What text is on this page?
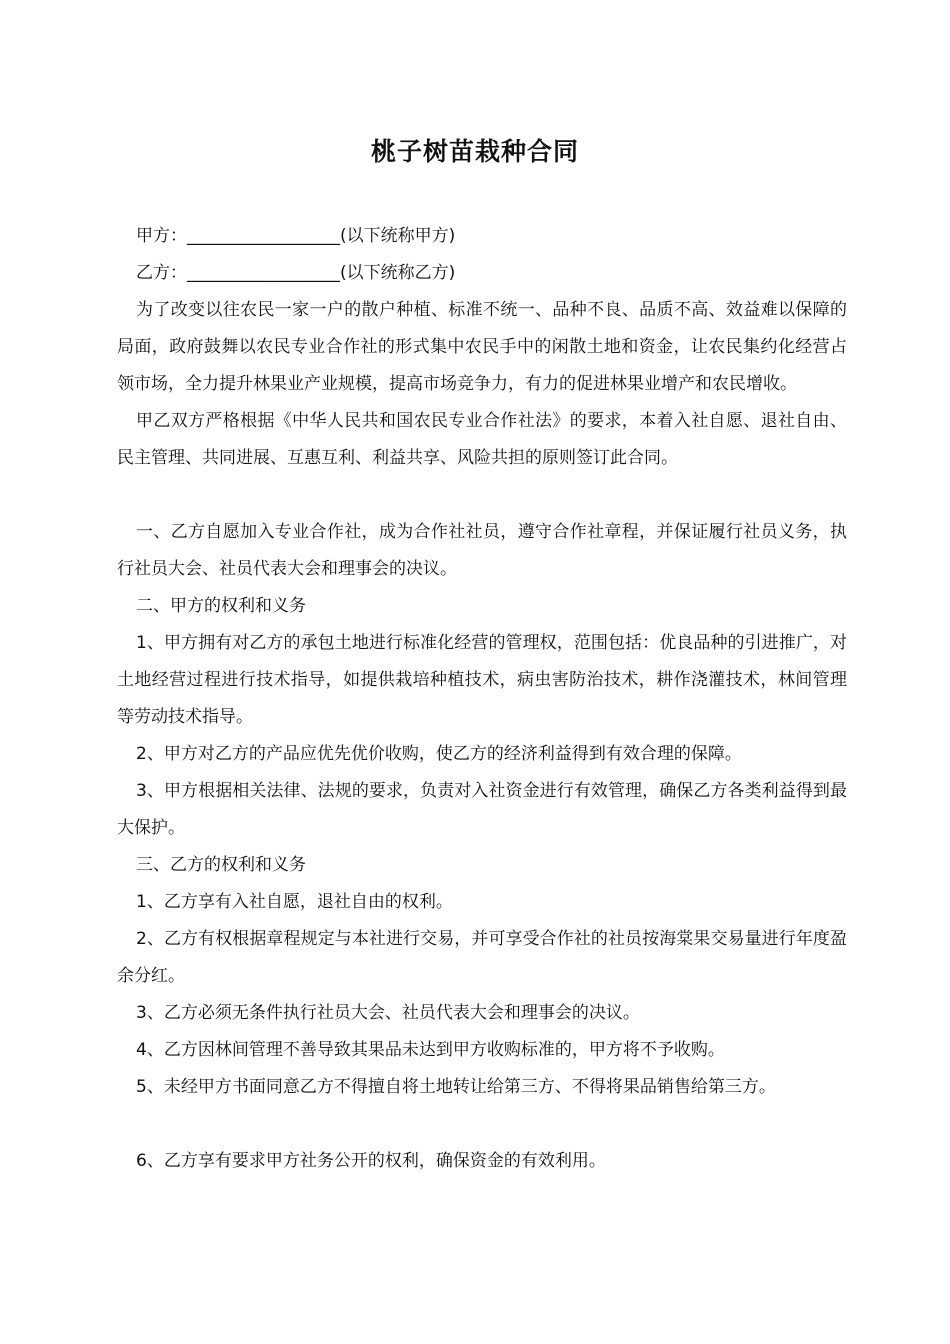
桃子树苗栽种合同

甲方：__________________(以下统称甲方)

乙方：__________________(以下统称乙方)

为了改变以往农民一家一户的散户种植、标准不统一、品种不良、品质不高、效益难以保障的局面，政府鼓舞以农民专业合作社的形式集中农民手中的闲散土地和资金，让农民集约化经营占领市场，全力提升林果业产业规模，提高市场竞争力，有力的促进林果业增产和农民增收。

甲乙双方严格根据《中华人民共和国农民专业合作社法》的要求，本着入社自愿、退社自由、民主管理、共同进展、互惠互利、利益共享、风险共担的原则签订此合同。

一、乙方自愿加入专业合作社，成为合作社社员，遵守合作社章程，并保证履行社员义务，执行社员大会、社员代表大会和理事会的决议。

二、甲方的权利和义务

1、甲方拥有对乙方的承包土地进行标准化经营的管理权，范围包括：优良品种的引进推广，对土地经营过程进行技术指导，如提供栽培种植技术，病虫害防治技术，耕作浇灌技术，林间管理等劳动技术指导。

2、甲方对乙方的产品应优先优价收购，使乙方的经济利益得到有效合理的保障。

3、甲方根据相关法律、法规的要求，负责对入社资金进行有效管理，确保乙方各类利益得到最大保护。

三、乙方的权利和义务

1、乙方享有入社自愿，退社自由的权利。

2、乙方有权根据章程规定与本社进行交易，并可享受合作社的社员按海棠果交易量进行年度盈余分红。

3、乙方必须无条件执行社员大会、社员代表大会和理事会的决议。

4、乙方因林间管理不善导致其果品未达到甲方收购标准的，甲方将不予收购。

5、未经甲方书面同意乙方不得擅自将土地转让给第三方、不得将果品销售给第三方。

6、乙方享有要求甲方社务公开的权利，确保资金的有效利用。
